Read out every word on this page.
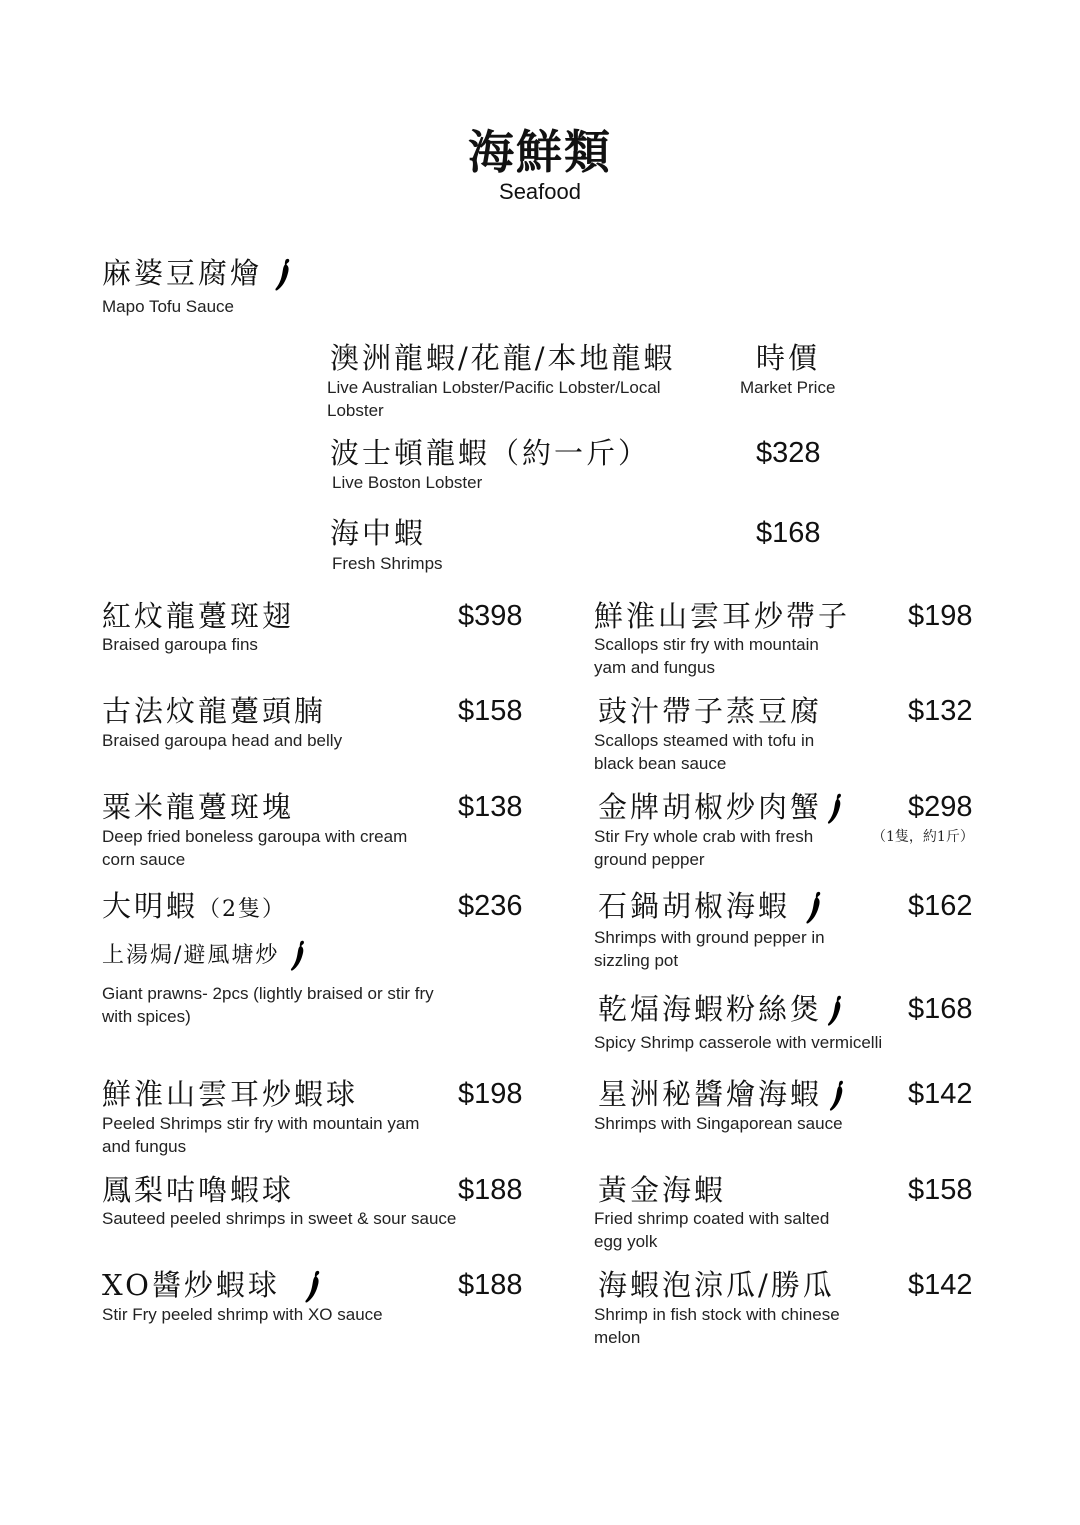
海鮮類
Seafood
麻婆豆腐燴
Mapo Tofu Sauce
澳洲龍蝦/花龍/本地龍蝦
Live Australian Lobster/Pacific Lobster/Local Lobster
時價
Market Price
波士頓龍蝦（約一斤）
Live Boston Lobster
$328
海中蝦
Fresh Shrimps
$168
紅炆龍躉斑翅
Braised garoupa fins
$398
古法炆龍躉頭腩
Braised garoupa head and belly
$158
粟米龍躉斑塊
Deep fried boneless garoupa with cream corn sauce
$138
大明蝦（2隻）
上湯焗/避風塘炒
Giant prawns- 2pcs (lightly braised or stir fry with spices)
$236
鮮淮山雲耳炒蝦球
Peeled Shrimps stir fry with mountain yam and fungus
$198
鳳梨咕嚕蝦球
Sauteed peeled shrimps in sweet & sour sauce
$188
XO醬炒蝦球
Stir Fry peeled shrimp with XO sauce
$188
鮮淮山雲耳炒帶子
Scallops stir fry with mountain yam and fungus
$198
豉汁帶子蒸豆腐
Scallops steamed with tofu in black bean sauce
$132
金牌胡椒炒肉蟹
Stir Fry whole crab with fresh ground pepper
$298
（1隻，約1斤）
石鍋胡椒海蝦
Shrimps with ground pepper in sizzling pot
$162
乾煏海蝦粉絲煲
Spicy Shrimp casserole with vermicelli
$168
星洲秘醬燴海蝦
Shrimps with Singaporean sauce
$142
黃金海蝦
Fried shrimp coated with salted egg yolk
$158
海蝦泡涼瓜/勝瓜
Shrimp in fish stock with chinese melon
$142
